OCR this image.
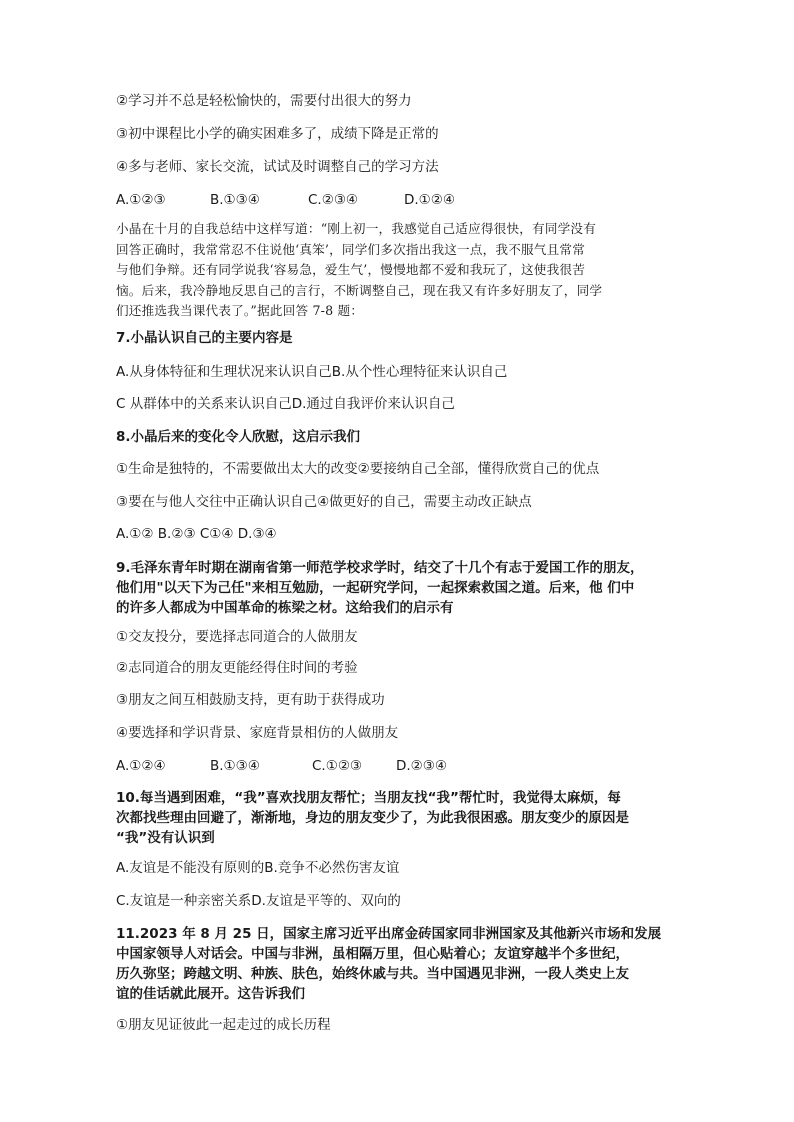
②学习并不总是轻松愉快的，需要付出很大的努力
③初中课程比小学的确实困难多了，成绩下降是正常的
④多与老师、家长交流，试试及时调整自己的学习方法
A.①②③	B.①③④	C.②③④	D.①②④
小晶在十月的自我总结中这样写道：“刚上初一，我感觉自己适应得很快，有同学没有
回答正确时，我常常忍不住说他‘真笨’，同学们多次指出我这一点，我不服气且常常
与他们争辩。还有同学说我‘容易急，爱生气’，慢慢地都不爱和我玩了，这使我很苦
恼。后来，我冷静地反思自己的言行，不断调整自己，现在我又有许多好朋友了，同学
们还推选我当课代表了。”据此回答 7-8 题：
7.小晶认识自己的主要内容是
A.从身体特征和生理状况来认识自己B.从个性心理特征来认识自己
C 从群体中的关系来认识自己D.通过自我评价来认识自己
8.小晶后来的变化令人欣慰，这启示我们
①生命是独特的，不需要做出太大的改变②要接纳自己全部，懂得欣赏自己的优点
③要在与他人交往中正确认识自己④做更好的自己，需要主动改正缺点
A.①② B.②③ C①④ D.③④
9.毛泽东青年时期在湖南省第一师范学校求学时，结交了十几个有志于爱国工作的朋友，
他们用"以天下为己任"来相互勉励，一起研究学问，一起探索救国之道。后来，他 们中
的许多人都成为中国革命的栋梁之材。这给我们的启示有
①交友投分，要选择志同道合的人做朋友
②志同道合的朋友更能经得住时间的考验
③朋友之间互相鼓励支持，更有助于获得成功
④要选择和学识背景、家庭背景相仿的人做朋友
A.①②④	B.①③④	C.①②③	D.②③④
10.每当遇到困难，“我”喜欢找朋友帮忙；当朋友找“我”帮忙时，我觉得太麻烦，每
次都找些理由回避了，渐渐地，身边的朋友变少了，为此我很困惑。朋友变少的原因是
“我”没有认识到
A.友谊是不能没有原则的B.竞争不必然伤害友谊
C.友谊是一种亲密关系D.友谊是平等的、双向的
11.2023 年 8 月 25 日，国家主席习近平出席金砖国家同非洲国家及其他新兴市场和发展
中国家领导人对话会。中国与非洲，虽相隔万里，但心贴着心；友谊穿越半个多世纪，
历久弥坚；跨越文明、种族、肤色，始终休戚与共。当中国遇见非洲，一段人类史上友
谊的佳话就此展开。这告诉我们
①朋友见证彼此一起走过的成长历程
